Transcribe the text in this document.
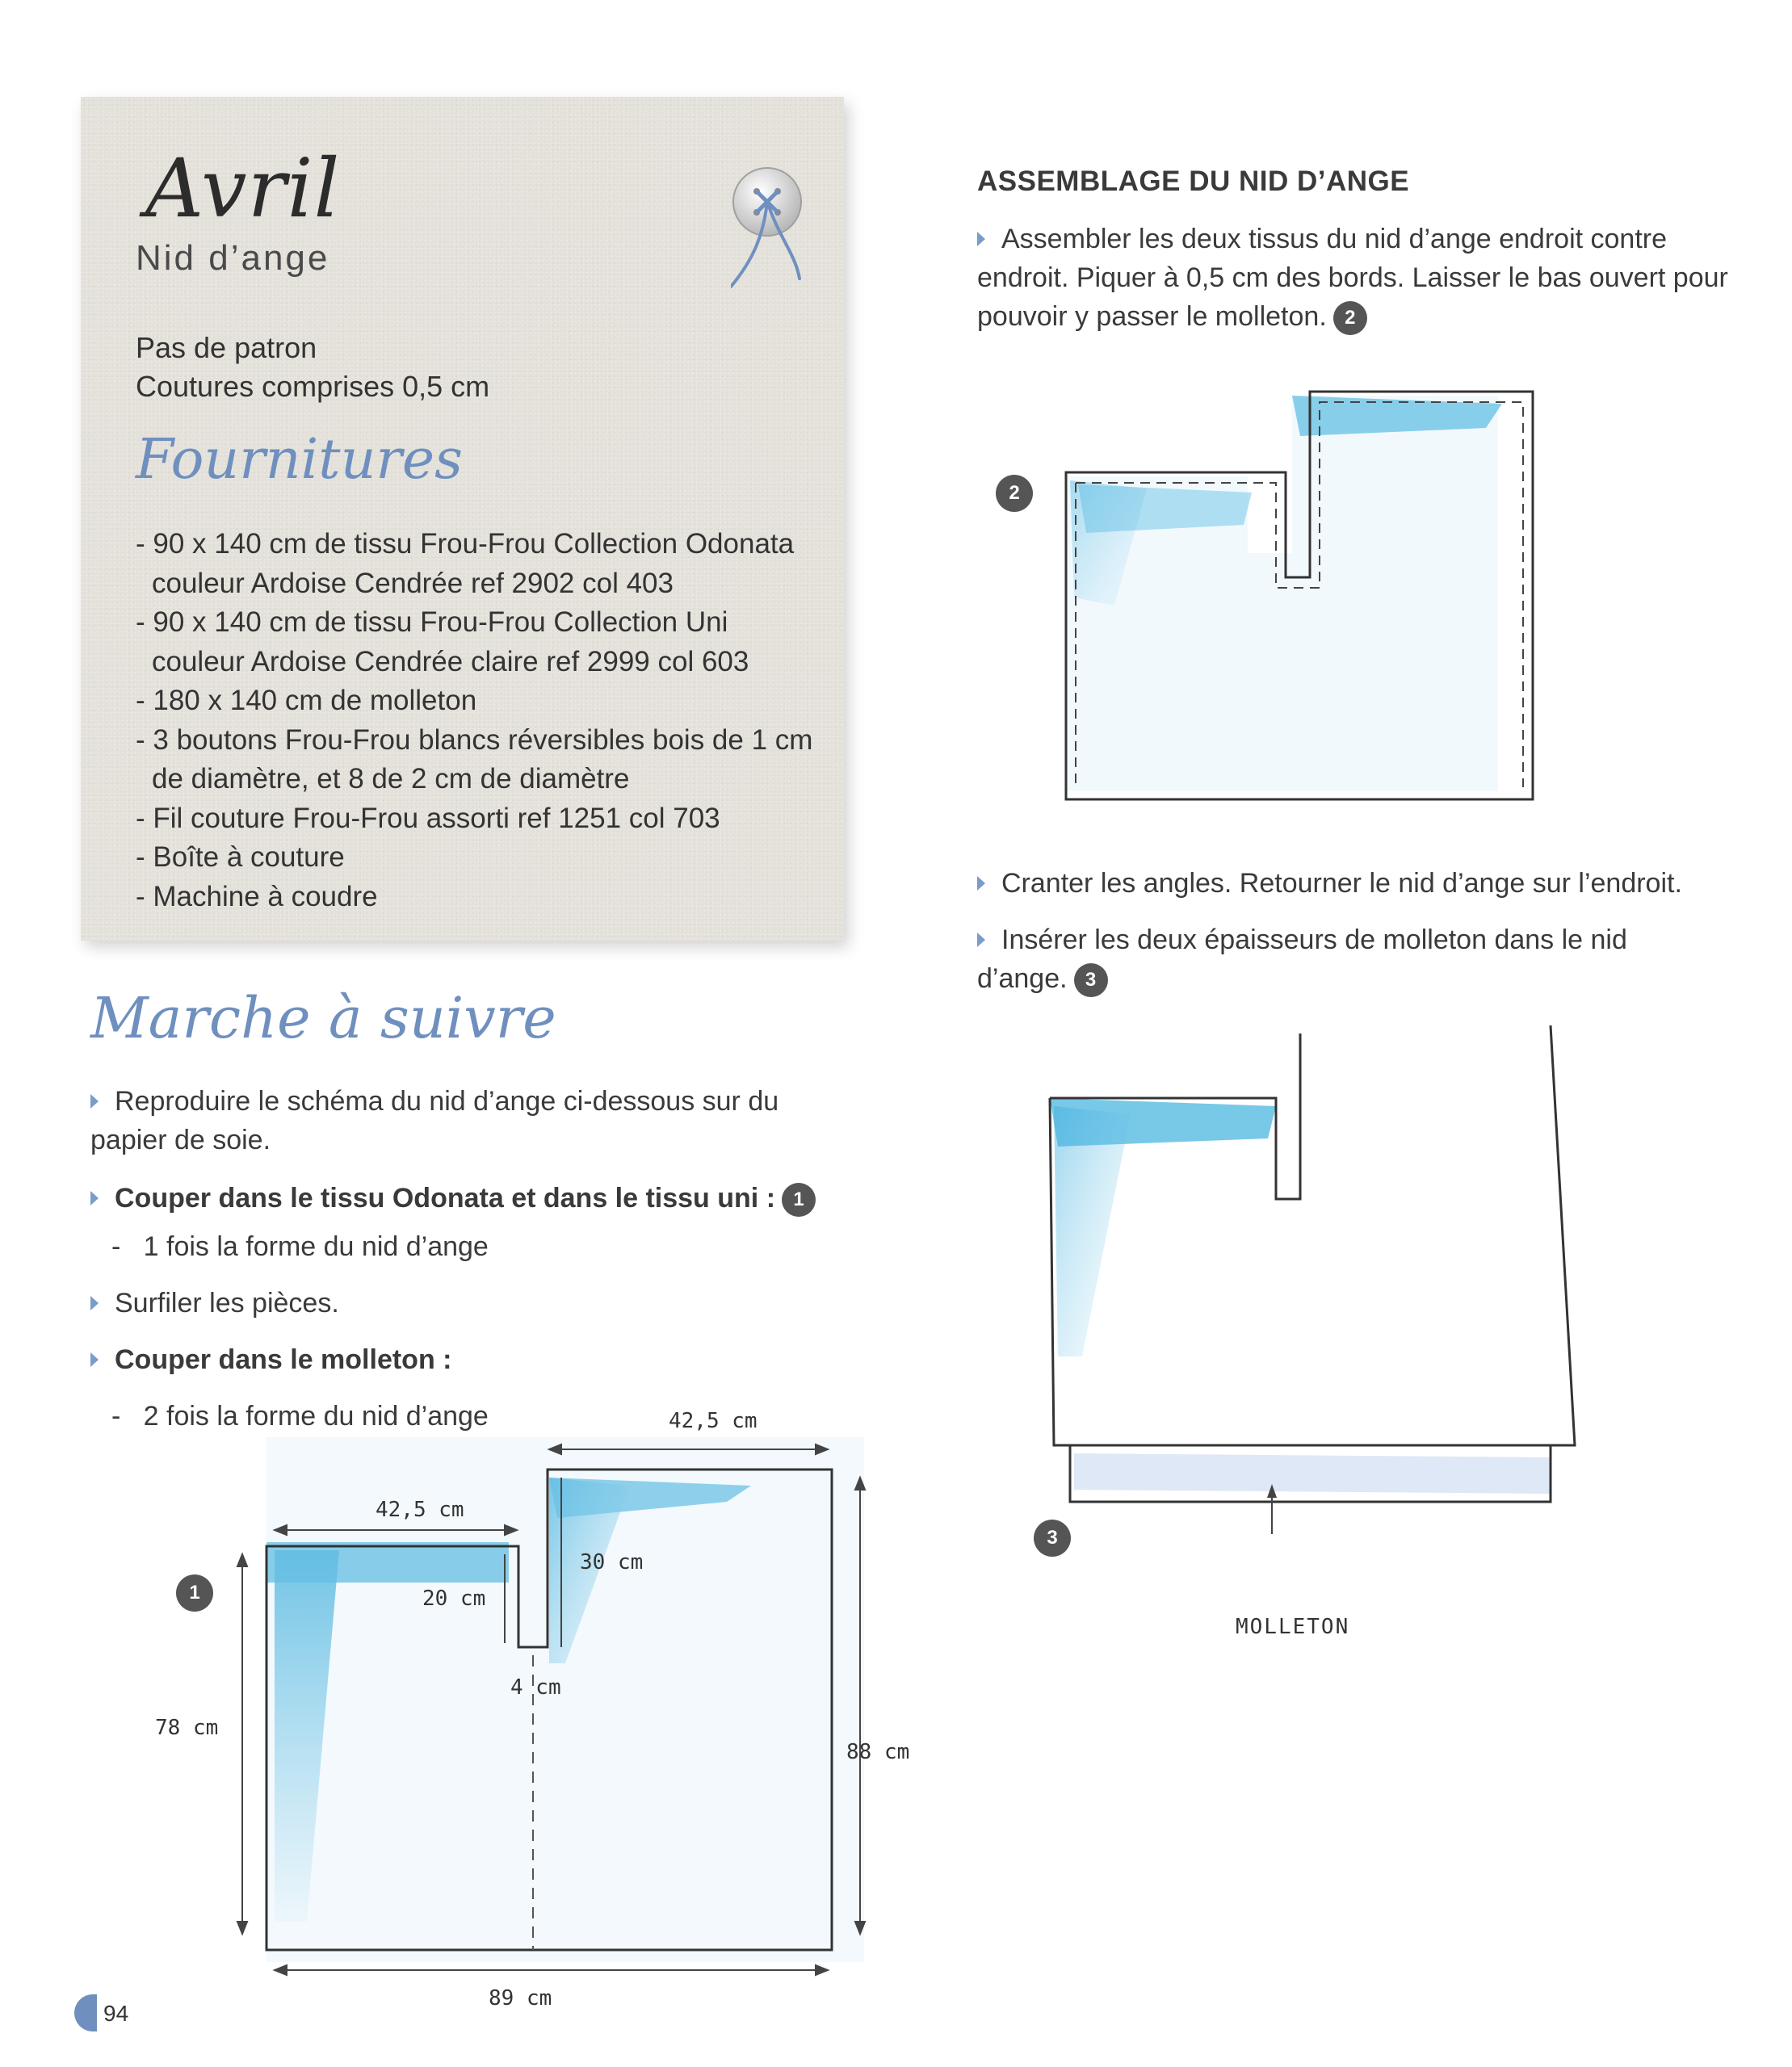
Avril
Nid d’ange
Pas de patron
Coutures comprises 0,5 cm
Fournitures
- 90 x 140 cm de tissu Frou-Frou Collection Odonata couleur Ardoise Cendrée ref 2902 col 403
- 90 x 140 cm de tissu Frou-Frou Collection Uni couleur Ardoise Cendrée claire ref 2999 col 603
- 180 x 140 cm de molleton
- 3 boutons Frou-Frou blancs réversibles bois de 1 cm de diamètre, et 8 de 2 cm de diamètre
- Fil couture Frou-Frou assorti ref 1251 col 703
- Boîte à couture
- Machine à coudre
Marche à suivre
Reproduire le schéma du nid d’ange ci-dessous sur du papier de soie.
Couper dans le tissu Odonata et dans le tissu uni : 1
-   1 fois la forme du nid d’ange
Surfiler les pièces.
Couper dans le molleton :
-   2 fois la forme du nid d’ange
1
42,5 cm
42,5 cm
20 cm
30 cm
4 cm
78 cm
88 cm
89 cm
ASSEMBLAGE DU NID D’ANGE
Assembler les deux tissus du nid d’ange endroit contre endroit. Piquer à 0,5 cm des bords. Laisser le bas ouvert pour pouvoir y passer le molleton. 2
Cranter les angles. Retourner le nid d’ange sur l’endroit.
Insérer les deux épaisseurs de molleton dans le nid d’ange. 3
2
3
MOLLETON
94
